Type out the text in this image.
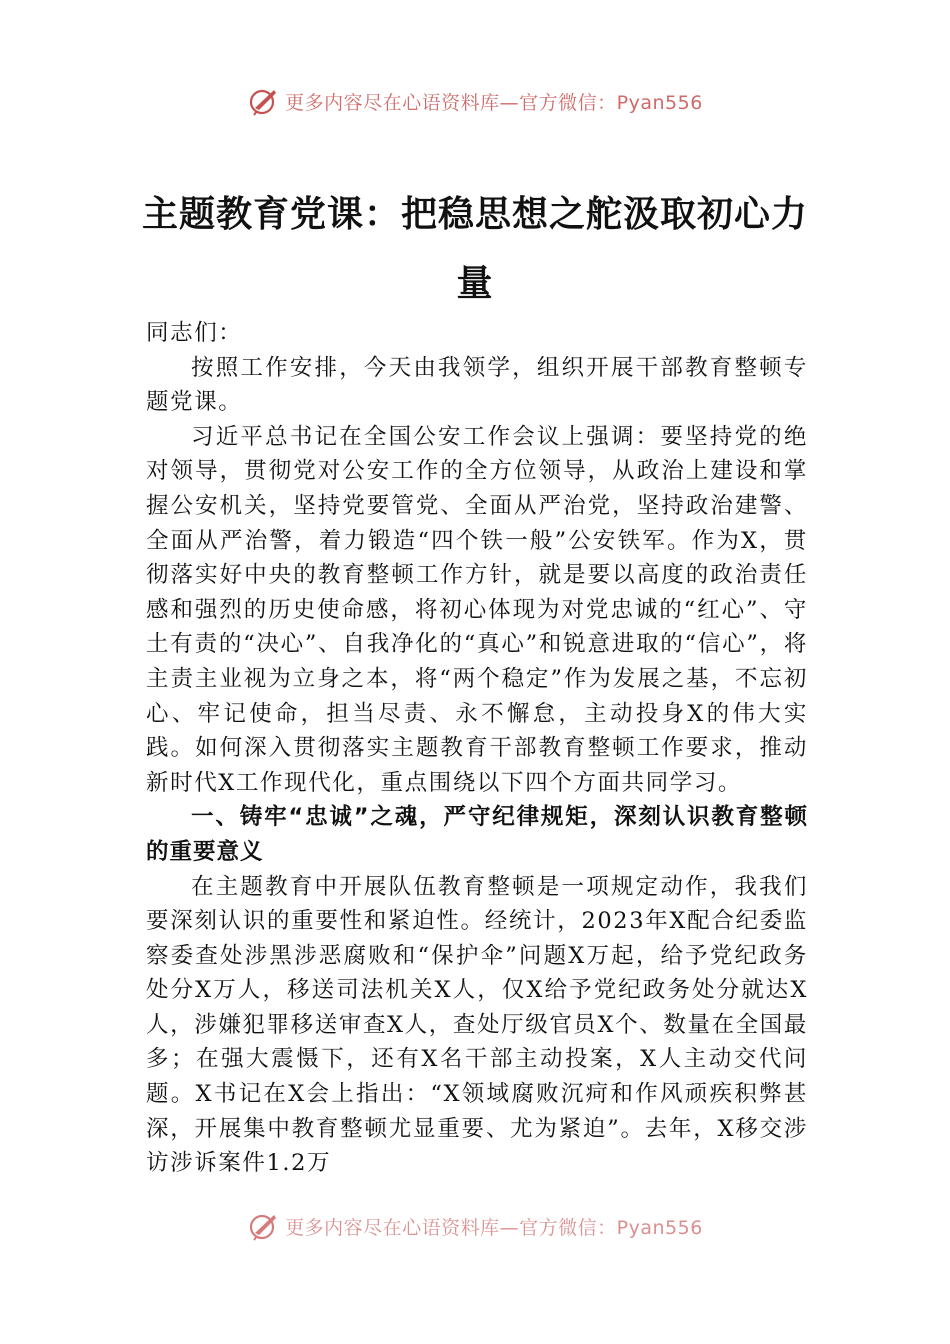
更多内容尽在心语资料库—官方微信：Pyan556
主题教育党课：把稳思想之舵汲取初心力量

同志们：

按照工作安排，今天由我领学，组织开展干部教育整顿专题党课。

习近平总书记在全国公安工作会议上强调：要坚持党的绝对领导，贯彻党对公安工作的全方位领导，从政治上建设和掌握公安机关，坚持党要管党、全面从严治党，坚持政治建警、全面从严治警，着力锻造“四个铁一般”公安铁军。作为X，贯彻落实好中央的教育整顿工作方针，就是要以高度的政治责任感和强烈的历史使命感，将初心体现为对党忠诚的“红心”、守土有责的“决心”、自我净化的“真心”和锐意进取的“信心”，将主责主业视为立身之本，将“两个稳定”作为发展之基，不忘初心、牢记使命，担当尽责、永不懈怠，主动投身X的伟大实践。如何深入贯彻落实主题教育干部教育整顿工作要求，推动新时代X工作现代化，重点围绕以下四个方面共同学习。

一、铸牢“忠诚”之魂，严守纪律规矩，深刻认识教育整顿的重要意义

在主题教育中开展队伍教育整顿是一项规定动作，我我们要深刻认识的重要性和紧迫性。经统计，2023年X配合纪委监察委查处涉黑涉恶腐败和“保护伞”问题X万起，给予党纪政务处分X万人，移送司法机关X人，仅X给予党纪政务处分就达X人，涉嫌犯罪移送审查X人，查处厅级官员X个、数量在全国最多；在强大震慑下，还有X名干部主动投案，X人主动交代问题。X书记在X会上指出：“X领域腐败沉疴和作风顽疾积弊甚深，开展集中教育整顿尤显重要、尤为紧迫”。去年，X移交涉访涉诉案件1.2万

更多内容尽在心语资料库—官方微信：Pyan556
